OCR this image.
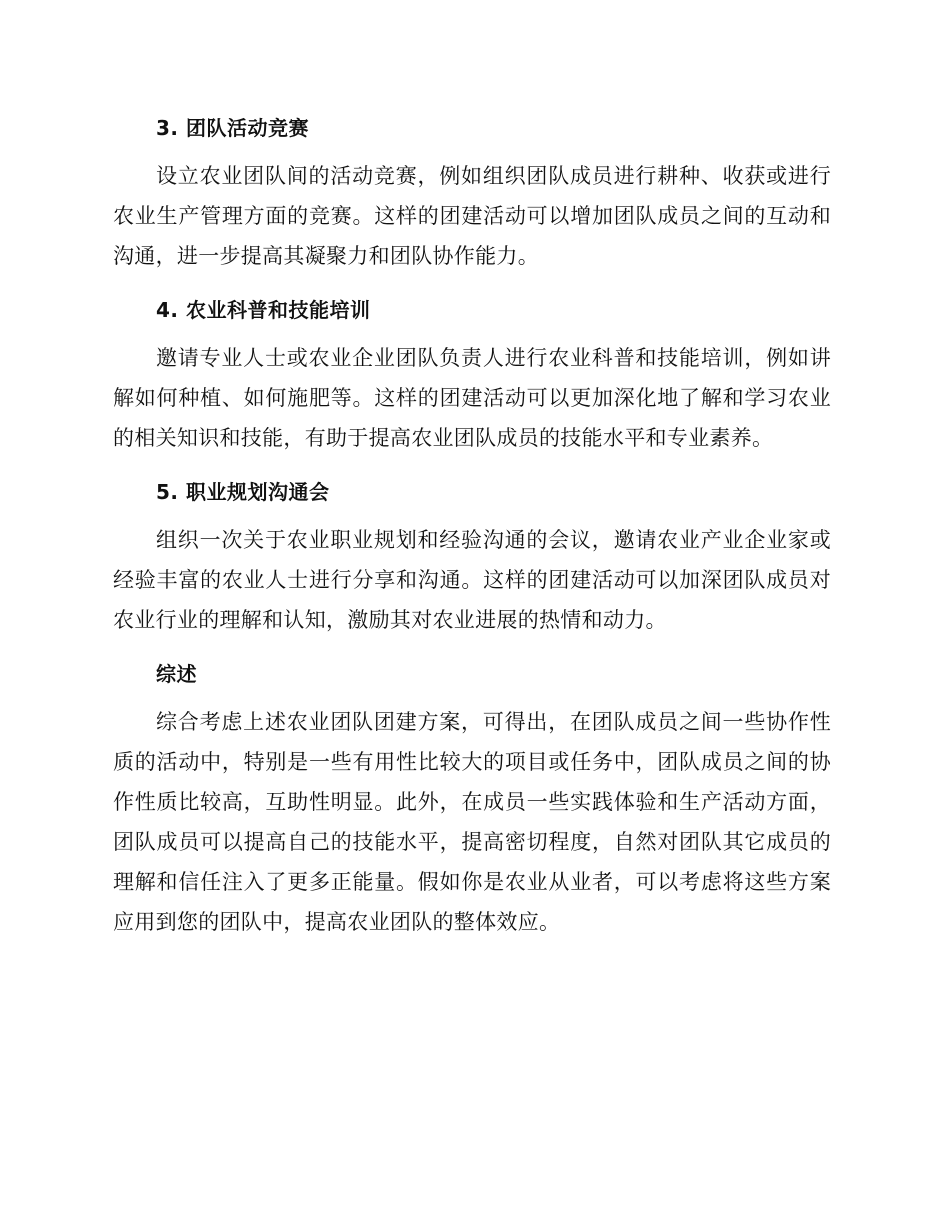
3. 团队活动竞赛

设立农业团队间的活动竞赛，例如组织团队成员进行耕种、收获或进行农业生产管理方面的竞赛。这样的团建活动可以增加团队成员之间的互动和沟通，进一步提高其凝聚力和团队协作能力。

4. 农业科普和技能培训

邀请专业人士或农业企业团队负责人进行农业科普和技能培训，例如讲解如何种植、如何施肥等。这样的团建活动可以更加深化地了解和学习农业的相关知识和技能，有助于提高农业团队成员的技能水平和专业素养。

5. 职业规划沟通会

组织一次关于农业职业规划和经验沟通的会议，邀请农业产业企业家或经验丰富的农业人士进行分享和沟通。这样的团建活动可以加深团队成员对农业行业的理解和认知，激励其对农业进展的热情和动力。

综述

综合考虑上述农业团队团建方案，可得出，在团队成员之间一些协作性质的活动中，特别是一些有用性比较大的项目或任务中，团队成员之间的协作性质比较高，互助性明显。此外，在成员一些实践体验和生产活动方面，团队成员可以提高自己的技能水平，提高密切程度，自然对团队其它成员的理解和信任注入了更多正能量。假如你是农业从业者，可以考虑将这些方案应用到您的团队中，提高农业团队的整体效应。
